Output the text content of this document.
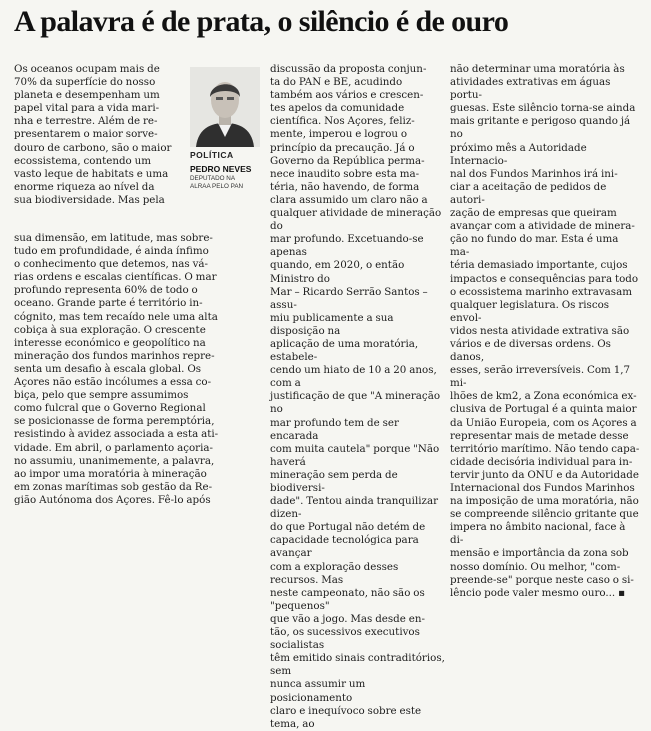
A palavra é de prata, o silêncio é de ouro

Os oceanos ocupam mais de
70% da superfície do nosso
planeta e desempenham um
papel vital para a vida mari-
nha e terrestre. Além de re-
presentarem o maior sorve-
douro de carbono, são o maior
ecossistema, contendo um
vasto leque de habitats e uma
enorme riqueza ao nível da
sua biodiversidade. Mas pela

POLÍTICA
PEDRO NEVES
DEPUTADO NA
ALRAA PELO PAN

sua dimensão, em latitude, mas sobre-
tudo em profundidade, é ainda ínfimo
o conhecimento que detemos, nas vá-
rias ordens e escalas científicas. O mar
profundo representa 60% de todo o
oceano. Grande parte é território in-
cógnito, mas tem recaído nele uma alta
cobiça à sua exploração. O crescente
interesse económico e geopolítico na
mineração dos fundos marinhos repre-
senta um desafio à escala global. Os
Açores não estão incólumes a essa co-
biça, pelo que sempre assumimos
como fulcral que o Governo Regional
se posicionasse de forma peremptória,
resistindo à avidez associada a esta ati-
vidade. Em abril, o parlamento açoria-
no assumiu, unanimemente, a palavra,
ao impor uma moratória à mineração
em zonas marítimas sob gestão da Re-
gião Autónoma dos Açores. Fê-lo após

discussão da proposta conjun-
ta do PAN e BE, acudindo
também aos vários e crescen-
tes apelos da comunidade
científica. Nos Açores, feliz-
mente, imperou e logrou o
princípio da precaução. Já o
Governo da República perma-
nece inaudito sobre esta ma-
téria, não havendo, de forma
clara assumido um claro não a
qualquer atividade de mineração do
mar profundo. Excetuando-se apenas
quando, em 2020, o então Ministro do
Mar – Ricardo Serrão Santos – assu-
miu publicamente a sua disposição na
aplicação de uma moratória, estabele-
cendo um hiato de 10 a 20 anos, com a
justificação de que "A mineração no
mar profundo tem de ser encarada
com muita cautela" porque "Não haverá
mineração sem perda de biodiversi-
dade". Tentou ainda tranquilizar dizen-
do que Portugal não detém de
capacidade tecnológica para avançar
com a exploração desses recursos. Mas
neste campeonato, não são os "pequenos"
que vão a jogo. Mas desde en-
tão, os sucessivos executivos socialistas
têm emitido sinais contraditórios, sem
nunca assumir um posicionamento
claro e inequívoco sobre este tema, ao

não determinar uma moratória às
atividades extrativas em águas portu-
guesas. Este silêncio torna-se ainda
mais gritante e perigoso quando já no
próximo mês a Autoridade Internacio-
nal dos Fundos Marinhos irá ini-
ciar a aceitação de pedidos de autori-
zação de empresas que queiram
avançar com a atividade de minera-
ção no fundo do mar. Esta é uma ma-
téria demasiado importante, cujos
impactos e consequências para todo
o ecossistema marinho extravasam
qualquer legislatura. Os riscos envol-
vidos nesta atividade extrativa são
vários e de diversas ordens. Os danos,
esses, serão irreversíveis. Com 1,7 mi-
lhões de km2, a Zona económica ex-
clusiva de Portugal é a quinta maior
da União Europeia, com os Açores a
representar mais de metade desse
território marítimo. Não tendo capa-
cidade decisória individual para in-
tervir junto da ONU e da Autoridade
Internacional dos Fundos Marinhos
na imposição de uma moratória, não
se compreende silêncio gritante que
impera no âmbito nacional, face à di-
mensão e importância da zona sob
nosso domínio. Ou melhor, "com-
preende-se" porque neste caso o si-
lêncio pode valer mesmo ouro... ▪
